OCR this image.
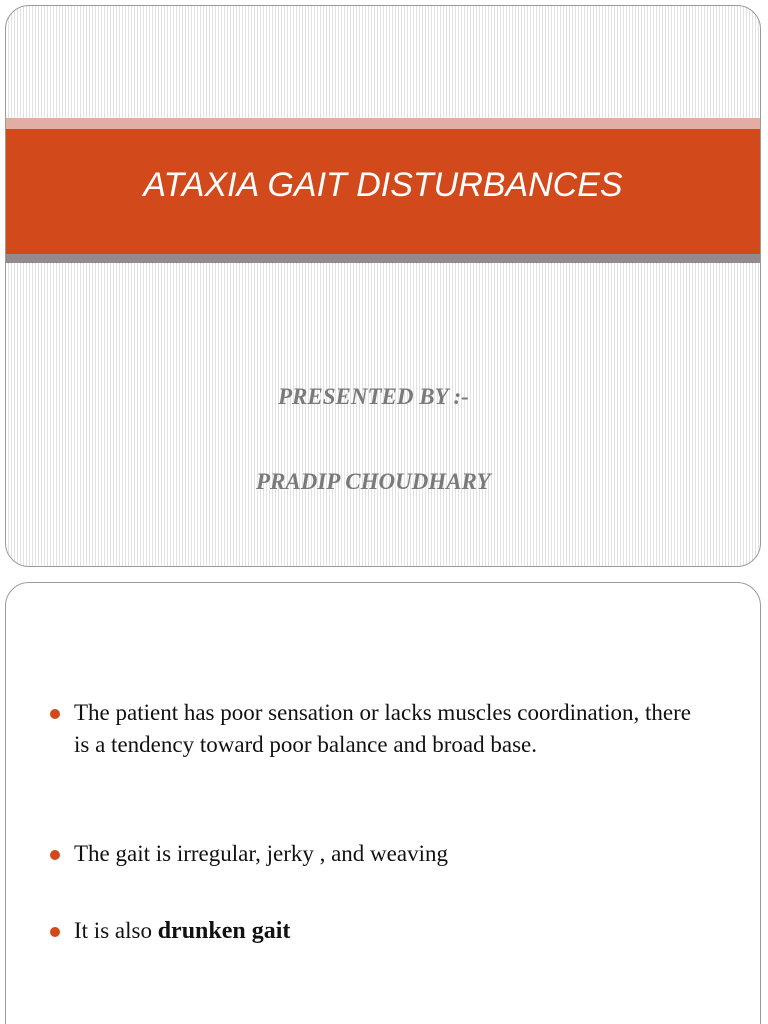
ATAXIA GAIT DISTURBANCES
PRESENTED BY :-
PRADIP CHOUDHARY
The patient has poor sensation or lacks muscles coordination, there is a tendency toward poor balance and broad base.
The gait is irregular, jerky , and weaving
It is also drunken gait
